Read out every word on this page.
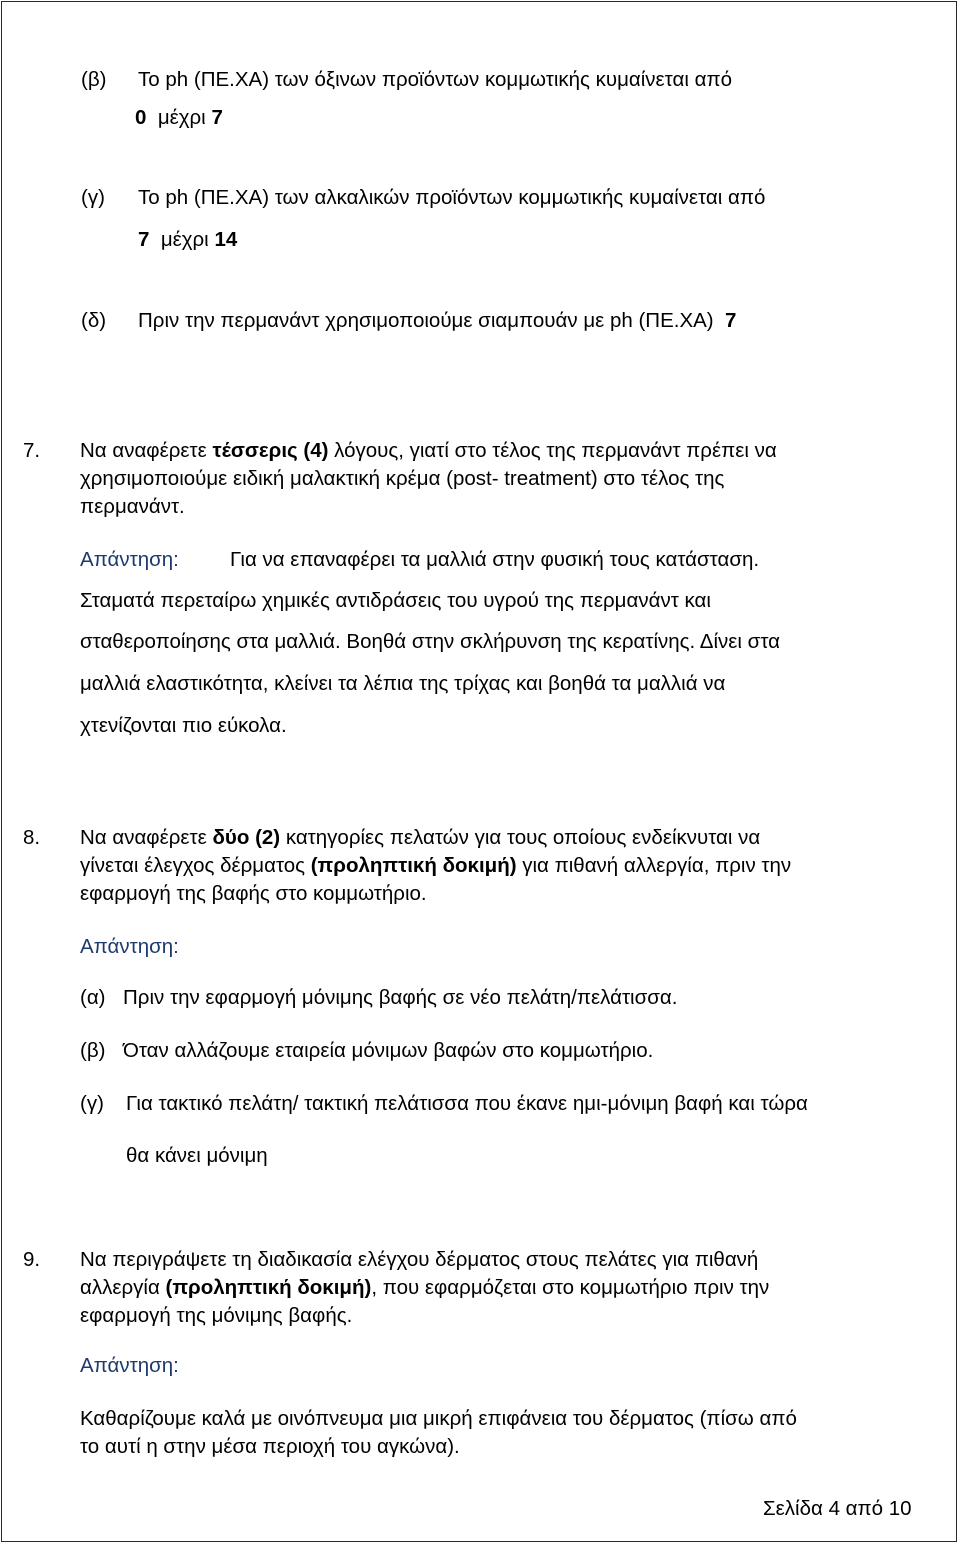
(β) Το ph (ΠΕ.ΧΑ) των όξινων προϊόντων κομμωτικής κυμαίνεται από
0 μέχρι 7
(γ) Το ph (ΠΕ.ΧΑ) των αλκαλικών προϊόντων κομμωτικής κυμαίνεται από
7 μέχρι 14
(δ) Πριν την περμανάντ χρησιμοποιούμε σιαμπουάν με ph (ΠΕ.ΧΑ) 7
7. Να αναφέρετε τέσσερις (4) λόγους, γιατί στο τέλος της περμανάντ πρέπει να
χρησιμοποιούμε ειδική μαλακτική κρέμα (post- treatment) στο τέλος της
περμανάντ.
Απάντηση: Για να επαναφέρει τα μαλλιά στην φυσική τους κατάσταση.
Σταματά περεταίρω χημικές αντιδράσεις του υγρού της περμανάντ και
σταθεροποίησης στα μαλλιά. Βοηθά στην σκλήρυνση της κερατίνης. Δίνει στα
μαλλιά ελαστικότητα, κλείνει τα λέπια της τρίχας και βοηθά τα μαλλιά να
χτενίζονται πιο εύκολα.
8. Να αναφέρετε δύο (2) κατηγορίες πελατών για τους οποίους ενδείκνυται να
γίνεται έλεγχος δέρματος (προληπτική δοκιμή) για πιθανή αλλεργία, πριν την
εφαρμογή της βαφής στο κομμωτήριο.
Απάντηση:
(α) Πριν την εφαρμογή μόνιμης βαφής σε νέο πελάτη/πελάτισσα.
(β) Όταν αλλάζουμε εταιρεία μόνιμων βαφών στο κομμωτήριο.
(γ) Για τακτικό πελάτη/ τακτική πελάτισσα που έκανε ημι-μόνιμη βαφή και τώρα
θα κάνει μόνιμη
9. Να περιγράψετε τη διαδικασία ελέγχου δέρματος στους πελάτες για πιθανή
αλλεργία (προληπτική δοκιμή), που εφαρμόζεται στο κομμωτήριο πριν την
εφαρμογή της μόνιμης βαφής.
Απάντηση:
Καθαρίζουμε καλά με οινόπνευμα μια μικρή επιφάνεια του δέρματος (πίσω από
το αυτί η στην μέσα περιοχή του αγκώνα).
Σελίδα 4 από 10
